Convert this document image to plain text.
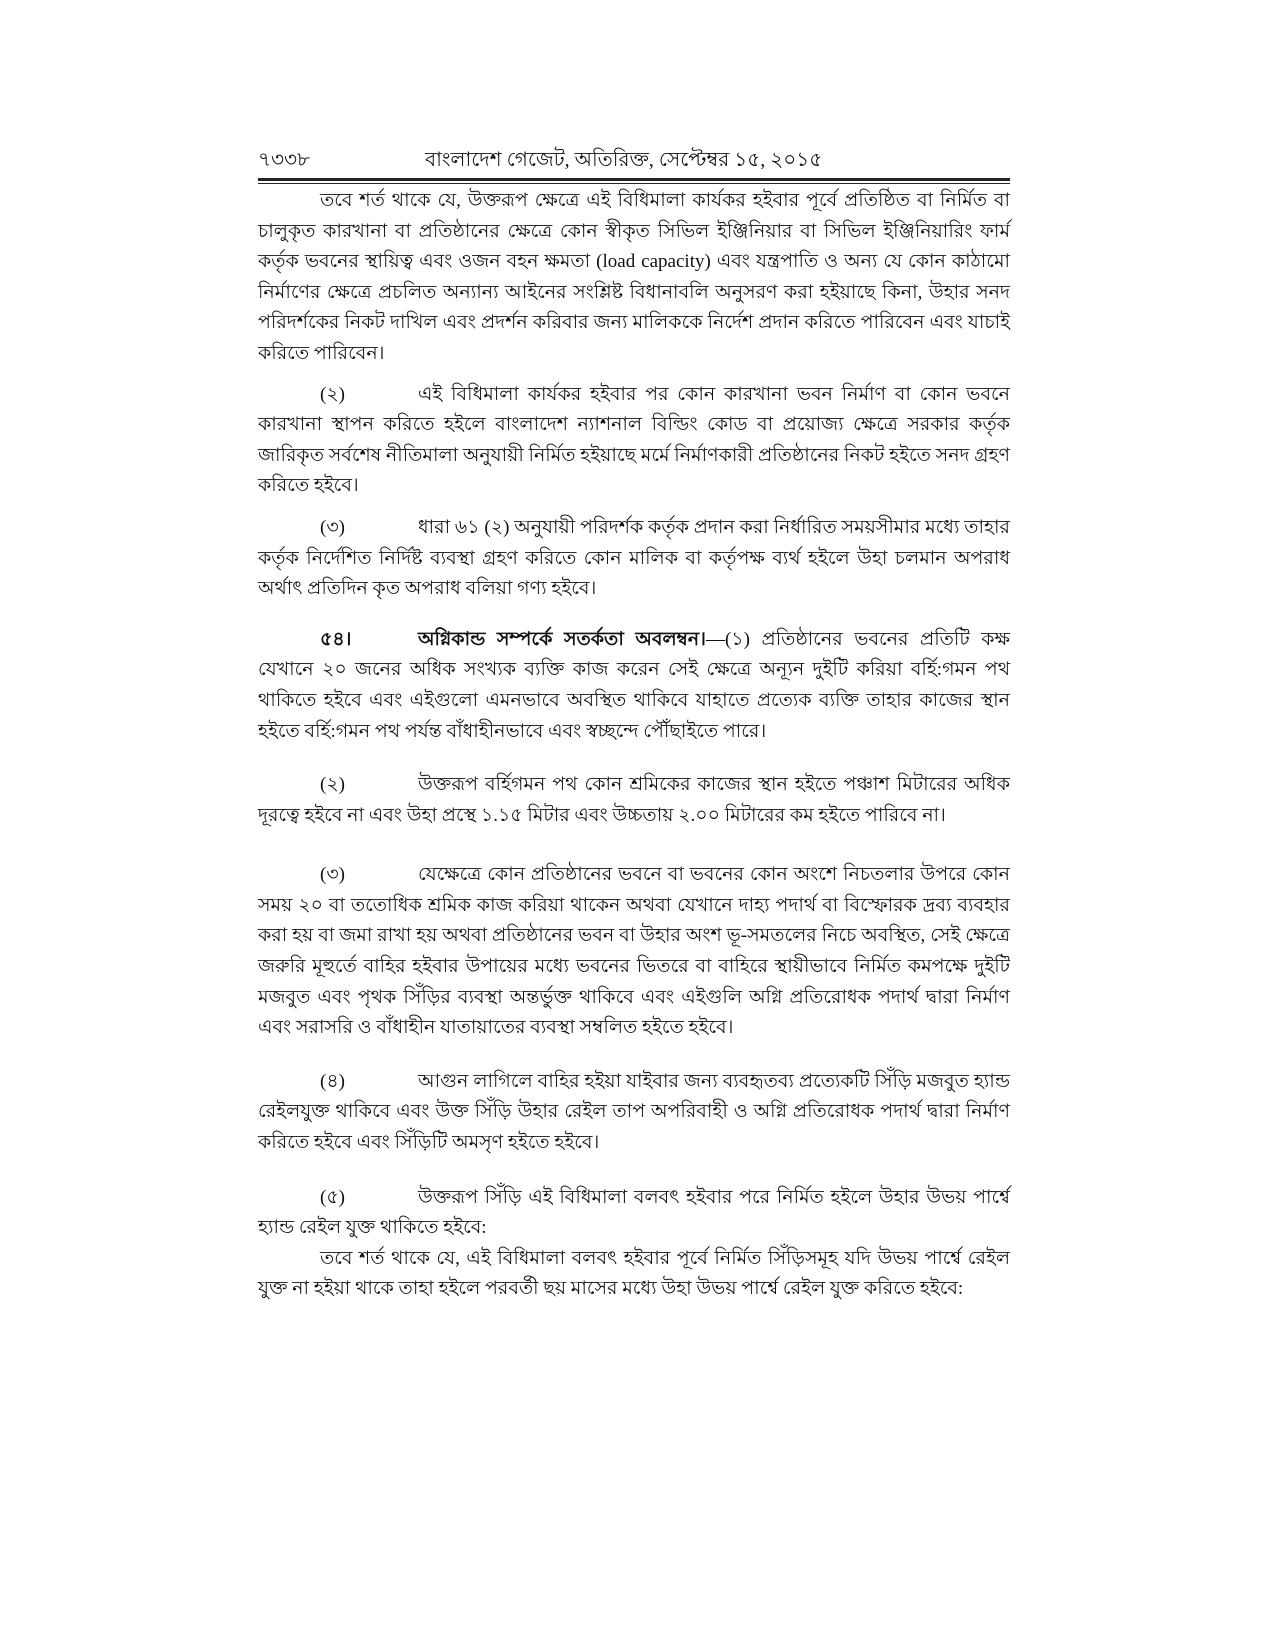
৭৩৩৮	বাংলাদেশ গেজেট, অতিরিক্ত, সেপ্টেম্বর ১৫, ২০১৫

তবে শর্ত থাকে যে, উক্তরূপ ক্ষেত্রে এই বিধিমালা কার্যকর হইবার পূর্বে প্রতিষ্ঠিত বা নির্মিত বা চালুকৃত কারখানা বা প্রতিষ্ঠানের ক্ষেত্রে কোন স্বীকৃত সিভিল ইঞ্জিনিয়ার বা সিভিল ইঞ্জিনিয়ারিং ফার্ম কর্তৃক ভবনের স্থায়িত্ব এবং ওজন বহন ক্ষমতা (load capacity) এবং যন্ত্রপাতি ও অন্য যে কোন কাঠামো নির্মাণের ক্ষেত্রে প্রচলিত অন্যান্য আইনের সংশ্লিষ্ট বিধানাবলি অনুসরণ করা হইয়াছে কিনা, উহার সনদ পরিদর্শকের নিকট দাখিল এবং প্রদর্শন করিবার জন্য মালিককে নির্দেশ প্রদান করিতে পারিবেন এবং যাচাই করিতে পারিবেন।

(২)	এই বিধিমালা কার্যকর হইবার পর কোন কারখানা ভবন নির্মাণ বা কোন ভবনে কারখানা স্থাপন করিতে হইলে বাংলাদেশ ন্যাশনাল বিল্ডিং কোড বা প্রয়োজ্য ক্ষেত্রে সরকার কর্তৃক জারিকৃত সর্বশেষ নীতিমালা অনুযায়ী নির্মিত হইয়াছে মর্মে নির্মাণকারী প্রতিষ্ঠানের নিকট হইতে সনদ গ্রহণ করিতে হইবে।

(৩)	ধারা ৬১ (২) অনুযায়ী পরিদর্শক কর্তৃক প্রদান করা নির্ধারিত সময়সীমার মধ্যে তাহার কর্তৃক নির্দেশিত নির্দিষ্ট ব্যবস্থা গ্রহণ করিতে কোন মালিক বা কর্তৃপক্ষ ব্যর্থ হইলে উহা চলমান অপরাধ অর্থাৎ প্রতিদিন কৃত অপরাধ বলিয়া গণ্য হইবে।

৫৪।	অগ্নিকান্ড সম্পর্কে সতর্কতা অবলম্বন।—(১) প্রতিষ্ঠানের ভবনের প্রতিটি কক্ষ যেখানে ২০ জনের অধিক সংখ্যক ব্যক্তি কাজ করেন সেই ক্ষেত্রে অন্যূন দুইটি করিয়া বর্হি:গমন পথ থাকিতে হইবে এবং এইগুলো এমনভাবে অবস্থিত থাকিবে যাহাতে প্রত্যেক ব্যক্তি তাহার কাজের স্থান হইতে বর্হি:গমন পথ পর্যন্ত বাঁধাহীনভাবে এবং স্বচ্ছন্দে পৌঁছাইতে পারে।

(২)	উক্তরূপ বর্হিগমন পথ কোন শ্রমিকের কাজের স্থান হইতে পঞ্চাশ মিটারের অধিক দূরত্বে হইবে না এবং উহা প্রস্থে ১.১৫ মিটার এবং উচ্চতায় ২.০০ মিটারের কম হইতে পারিবে না।

(৩)	যেক্ষেত্রে কোন প্রতিষ্ঠানের ভবনে বা ভবনের কোন অংশে নিচতলার উপরে কোন সময় ২০ বা ততোধিক শ্রমিক কাজ করিয়া থাকেন অথবা যেখানে দাহ্য পদার্থ বা বিস্ফোরক দ্রব্য ব্যবহার করা হয় বা জমা রাখা হয় অথবা প্রতিষ্ঠানের ভবন বা উহার অংশ ভূ-সমতলের নিচে অবস্থিত, সেই ক্ষেত্রে জরুরি মূহুর্তে বাহির হইবার উপায়ের মধ্যে ভবনের ভিতরে বা বাহিরে স্থায়ীভাবে নির্মিত কমপক্ষে দুইটি মজবুত এবং পৃথক সিঁড়ির ব্যবস্থা অন্তর্ভুক্ত থাকিবে এবং এইগুলি অগ্নি প্রতিরোধক পদার্থ দ্বারা নির্মাণ এবং সরাসরি ও বাঁধাহীন যাতায়াতের ব্যবস্থা সম্বলিত হইতে হইবে।

(৪)	আগুন লাগিলে বাহির হইয়া যাইবার জন্য ব্যবহৃতব্য প্রত্যেকটি সিঁড়ি মজবুত হ্যান্ড রেইলযুক্ত থাকিবে এবং উক্ত সিঁড়ি উহার রেইল তাপ অপরিবাহী ও অগ্নি প্রতিরোধক পদার্থ দ্বারা নির্মাণ করিতে হইবে এবং সিঁড়িটি অমসৃণ হইতে হইবে।

(৫)	উক্তরূপ সিঁড়ি এই বিধিমালা বলবৎ হইবার পরে নির্মিত হইলে উহার উভয় পার্শ্বে হ্যান্ড রেইল যুক্ত থাকিতে হইবে:

তবে শর্ত থাকে যে, এই বিধিমালা বলবৎ হইবার পূর্বে নির্মিত সিঁড়িসমূহ যদি উভয় পার্শ্বে রেইল যুক্ত না হইয়া থাকে তাহা হইলে পরবর্তী ছয় মাসের মধ্যে উহা উভয় পার্শ্বে রেইল যুক্ত করিতে হইবে:
